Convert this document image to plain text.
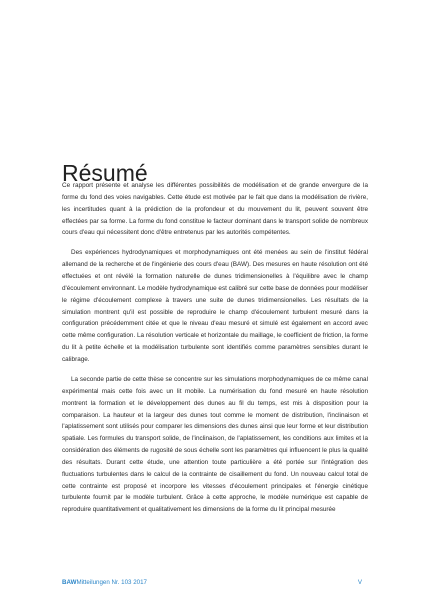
Résumé

Ce rapport présente et analyse les différentes possibilités de modélisation et de grande envergure de la forme du fond des voies navigables. Cette étude est motivée par le fait que dans la modélisation de rivière, les incertitudes quant à la prédiction de la profondeur et du mouvement du lit, peuvent souvent être effectées par sa forme. La forme du fond constitue le facteur dominant dans le transport solide de nombreux cours d'eau qui nécessitent donc d'être entretenus par les autorités compétentes.

Des expériences hydrodynamiques et morphodynamiques ont été menées au sein de l'institut fédéral allemand de la recherche et de l'ingénierie des cours d'eau (BAW). Des mesures en haute résolution ont été effectuées et ont révélé la formation naturelle de dunes tridimensionelles à l'équilibre avec le champ d'écoulement environnant. Le modèle hydrodynamique est calibré sur cette base de données pour modéliser le régime d'écoulement complexe à travers une suite de dunes tridimensionelles. Les résultats de la simulation montrent qu'il est possible de reproduire le champ d'écoulement turbulent mesuré dans la configuration précédemment citée et que le niveau d'eau mesuré et simulé est également en accord avec cette même configuration. La résolution verticale et horizontale du maillage, le coefficient de friction, la forme du lit à petite échelle et la modélisation turbulente sont identifiés comme paramètres sensibles durant le calibrage.

La seconde partie de cette thèse se concentre sur les simulations morphodynamiques de ce même canal expérimental mais cette fois avec un lit mobile. La numérisation du fond mesuré en haute résolution montrent la formation et le développement des dunes au fil du temps, est mis à disposition pour la comparaison. La hauteur et la largeur des dunes tout comme le moment de distribution, l'inclinaison et l'aplatissement sont utilisés pour comparer les dimensions des dunes ainsi que leur forme et leur distribution spatiale. Les formules du transport solide, de l'inclinaison, de l'aplatissement, les conditions aux limites et la considération des éléments de rugosité de sous échelle sont les paramètres qui influencent le plus la qualité des résultats. Durant cette étude, une attention toute particulière a été portée sur l'intégration des fluctuations turbulentes dans le calcul de la contrainte de cisaillement du fond. Un nouveau calcul total de cette contrainte est proposé et incorpore les vitesses d'écoulement principales et l'énergie cinétique turbulente fournit par le modèle turbulent. Grâce à cette approche, le modèle numérique est capable de reproduire quantitativement et qualitativement les dimensions de la forme du lit principal mesurée

BAWMitteilungen Nr. 103 2017	V
